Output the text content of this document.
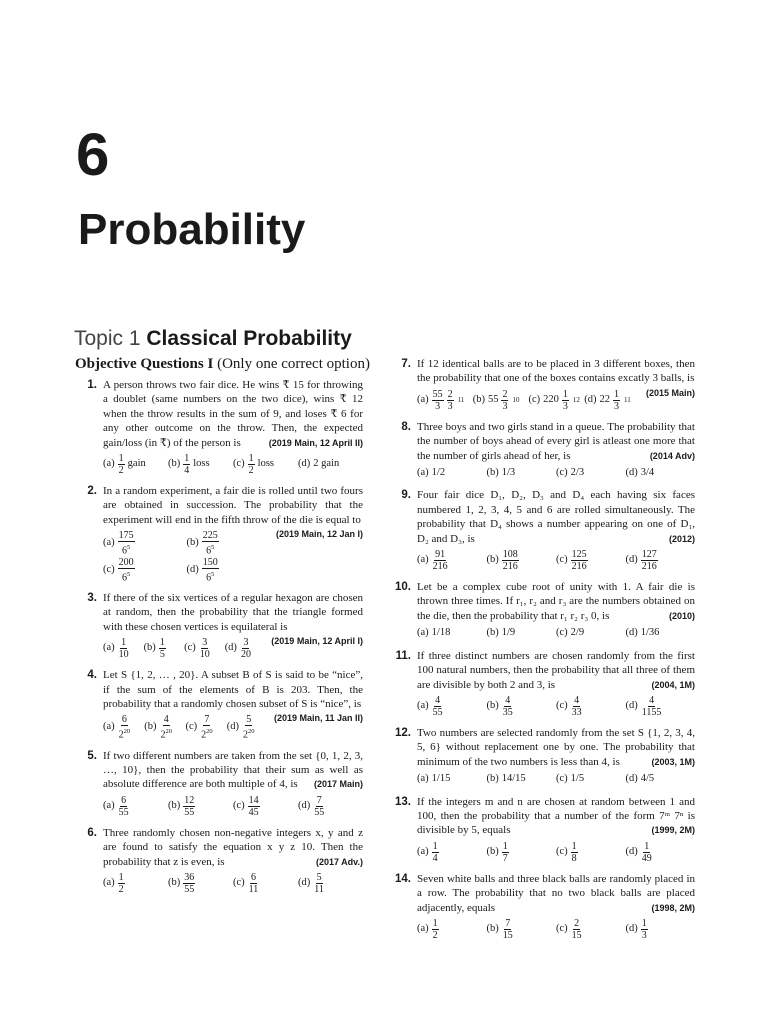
6
Probability
Topic 1 Classical Probability
Objective Questions I (Only one correct option)
1. A person throws two fair dice. He wins ₹ 15 for throwing a doublet (same numbers on the two dice), wins ₹ 12 when the throw results in the sum of 9, and loses ₹ 6 for any other outcome on the throw. Then, the expected gain/loss (in ₹) of the person is	(2019 Main, 12 April II)
$(a) \frac{1}{2}$ gain $(b) \frac{1}{4}$ loss $(c) \frac{1}{2}$ loss (d) 2 gain
2. In a random experiment, a fair die is rolled until two fours are obtained in succession. The probability that the experiment will end in the fifth throw of the die is equal to
(2019 Main, 12 Jan I)
$(a) \frac{175}{6^5}$	$(b) \frac{225}{6^5}$
$(c) \frac{200}{6^5}$	$(d) \frac{150}{6^5}$
3. If there of the six vertices of a regular hexagon are chosen at random, then the probability that the triangle formed with these chosen vertices is equilateral is
(2019 Main, 12 April I)
$(a) \frac{1}{10} (b) \frac{1}{5} (c) \frac{3}{10} (d) \frac{3}{20}$
4. Let S {1, 2, … , 20}. A subset B of S is said to be “nice”, if the sum of the elements of B is 203. Then, the probability that a randomly chosen subset of S is “nice”, is
(2019 Main, 11 Jan II)
$(a) \frac{6}{2^{20}} (b) \frac{4}{2^{20}} (c) \frac{7}{2^{20}} (d) \frac{5}{2^{20}}$
5. If two different numbers are taken from the set {0, 1, 2, 3, …, 10}, then the probability that their sum as well as absolute difference are both multiple of 4, is (2017 Main)
$(a) \frac{6}{55}$	$(b) \frac{12}{55}$	$(c) \frac{14}{45}$	$(d) \frac{7}{55}$
6. Three randomly chosen non-negative integers x, y and z are found to satisfy the equation x y z 10. Then the probability that z is even, is	(2017 Adv.)
$(a) \frac{1}{2}$	$(b) \frac{36}{55}$	$(c) \frac{6}{11}$	$(d) \frac{5}{11}$
7. If 12 identical balls are to be placed in 3 different boxes, then the probability that one of the boxes contains excatly 3 balls, is
(2015 Main)
$(a) \frac{55}{3} \frac{2}{3} 11$ (b) $55 \frac{2}{3} 10$ (c) $220 \frac{1}{3} 12$ (d) $22 \frac{1}{3} 11$
8. Three boys and two girls stand in a queue. The probability that the number of boys ahead of every girl is atleast one more that the number of girls ahead of her, is	(2014 Adv)
(a) 1/2	(b) 1/3	(c) 2/3	(d) 3/4
9. Four fair dice D₁, D₂, D₃ and D₄ each having six faces numbered 1, 2, 3, 4, 5 and 6 are rolled simultaneously. The probability that D₄ shows a number appearing on one of D₁, D₂ and D₃, is	(2012)
$(a) \frac{91}{216}$	$(b) \frac{108}{216}$	$(c) \frac{125}{216}$	$(d) \frac{127}{216}$
10. Let be a complex cube root of unity with 1. A fair die is thrown three times. If r₁, r₂ and r₃ are the numbers obtained on the die, then the probability that r₁ r₂ r₃ 0, is	(2010)
(a) 1/18	(b) 1/9	(c) 2/9	(d) 1/36
11. If three distinct numbers are chosen randomly from the first 100 natural numbers, then the probability that all three of them are divisible by both 2 and 3, is	(2004, 1M)
$(a) \frac{4}{55}$	$(b) \frac{4}{35}$	$(c) \frac{4}{33}$	$(d) \frac{4}{1155}$
12. Two numbers are selected randomly from the set S {1, 2, 3, 4, 5, 6} without replacement one by one. The probability that minimum of the two numbers is less than 4, is	(2003, 1M)
(a) 1/15	(b) 14/15	(c) 1/5	(d) 4/5
13. If the integers m and n are chosen at random between 1 and 100, then the probability that a number of the form 7ᵐ 7ⁿ is divisible by 5, equals	(1999, 2M)
$(a) \frac{1}{4}$	$(b) \frac{1}{7}$	$(c) \frac{1}{8}$	$(d) \frac{1}{49}$
14. Seven white balls and three black balls are randomly placed in a row. The probability that no two black balls are placed adjacently, equals	(1998, 2M)
$(a) \frac{1}{2}$	$(b) \frac{7}{15}$	$(c) \frac{2}{15}$	$(d) \frac{1}{3}$
